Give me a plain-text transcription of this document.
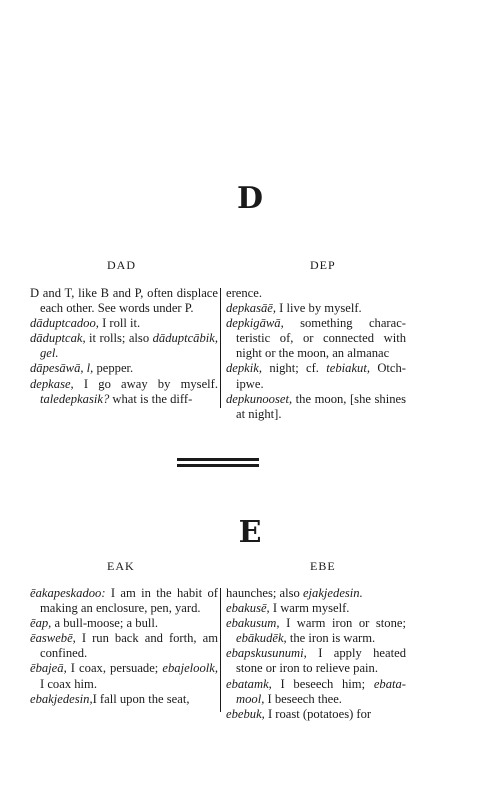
D
DAD	DEP

D and T, like B and P, often displace each other. See words under P.

dāduptcadoo, I roll it.

dāduptcak, it rolls; also dāduptcābik, gel.

dāpesāwā, l, pepper.

depkase, I go away by myself. taledepkasik? what is the diff-

erence.

depkasāē, I live by myself.

depkigāwā, something characteristic of, or connected with night or the moon, an almanac

depkik, night; cf. tebiakut, Otchipwe.

depkunooset, the moon, [she shines at night].

E
EAK	EBE

ēakapeskadoo: I am in the habit of making an enclosure, pen, yard.

ēap, a bull-moose; a bull.

ēaswebē, I run back and forth, am confined.

ēbajeā, I coax, persuade; ebajeloolk, I coax him.

ebakjedesin,I fall upon the seat,

haunches; also ejakjedesin.

ebakusē, I warm myself.

ebakusum, I warm iron or stone; ebākudēk, the iron is warm.

ebapskusunumi, I apply heated stone or iron to relieve pain.

ebatamk, I beseech him; ebatamool, I beseech thee.

ebebuk, I roast (potatoes) for
